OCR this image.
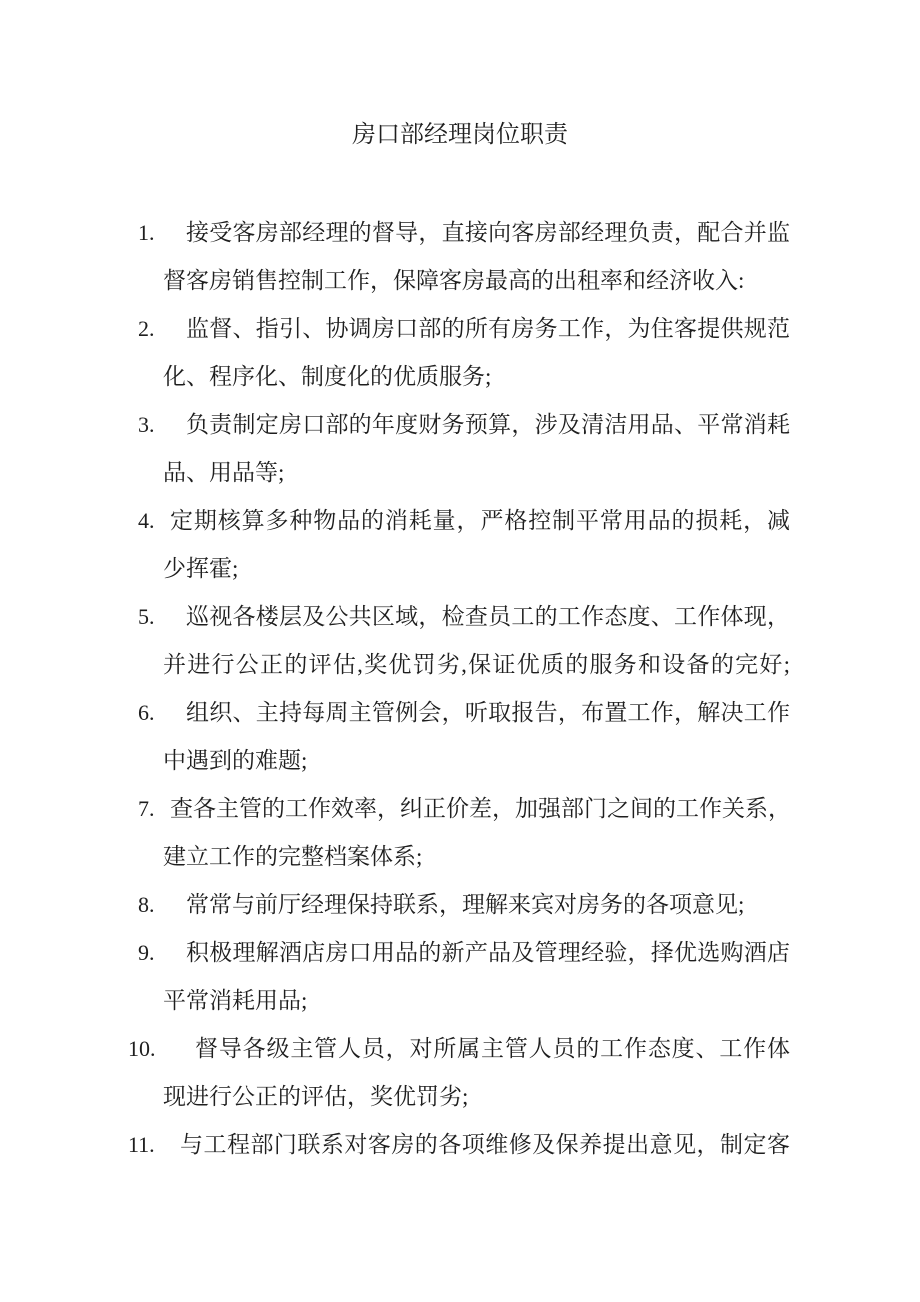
房口部经理岗位职责
1. 接受客房部经理的督导，直接向客房部经理负责，配合并监
督客房销售控制工作，保障客房最高的出租率和经济收入:
2. 监督、指引、协调房口部的所有房务工作，为住客提供规范
化、程序化、制度化的优质服务;
3. 负责制定房口部的年度财务预算，涉及清洁用品、平常消耗
品、用品等;
4. 定期核算多种物品的消耗量，严格控制平常用品的损耗，减
少挥霍;
5. 巡视各楼层及公共区域，检查员工的工作态度、工作体现，
并进行公正的评估,奖优罚劣,保证优质的服务和设备的完好;
6. 组织、主持每周主管例会，听取报告，布置工作，解决工作
中遇到的难题;
7. 查各主管的工作效率，纠正价差，加强部门之间的工作关系，
建立工作的完整档案体系;
8. 常常与前厅经理保持联系，理解来宾对房务的各项意见;
9. 积极理解酒店房口用品的新产品及管理经验，择优选购酒店
平常消耗用品;
10. 督导各级主管人员，对所属主管人员的工作态度、工作体
现进行公正的评估，奖优罚劣;
11. 与工程部门联系对客房的各项维修及保养提出意见，制定客
